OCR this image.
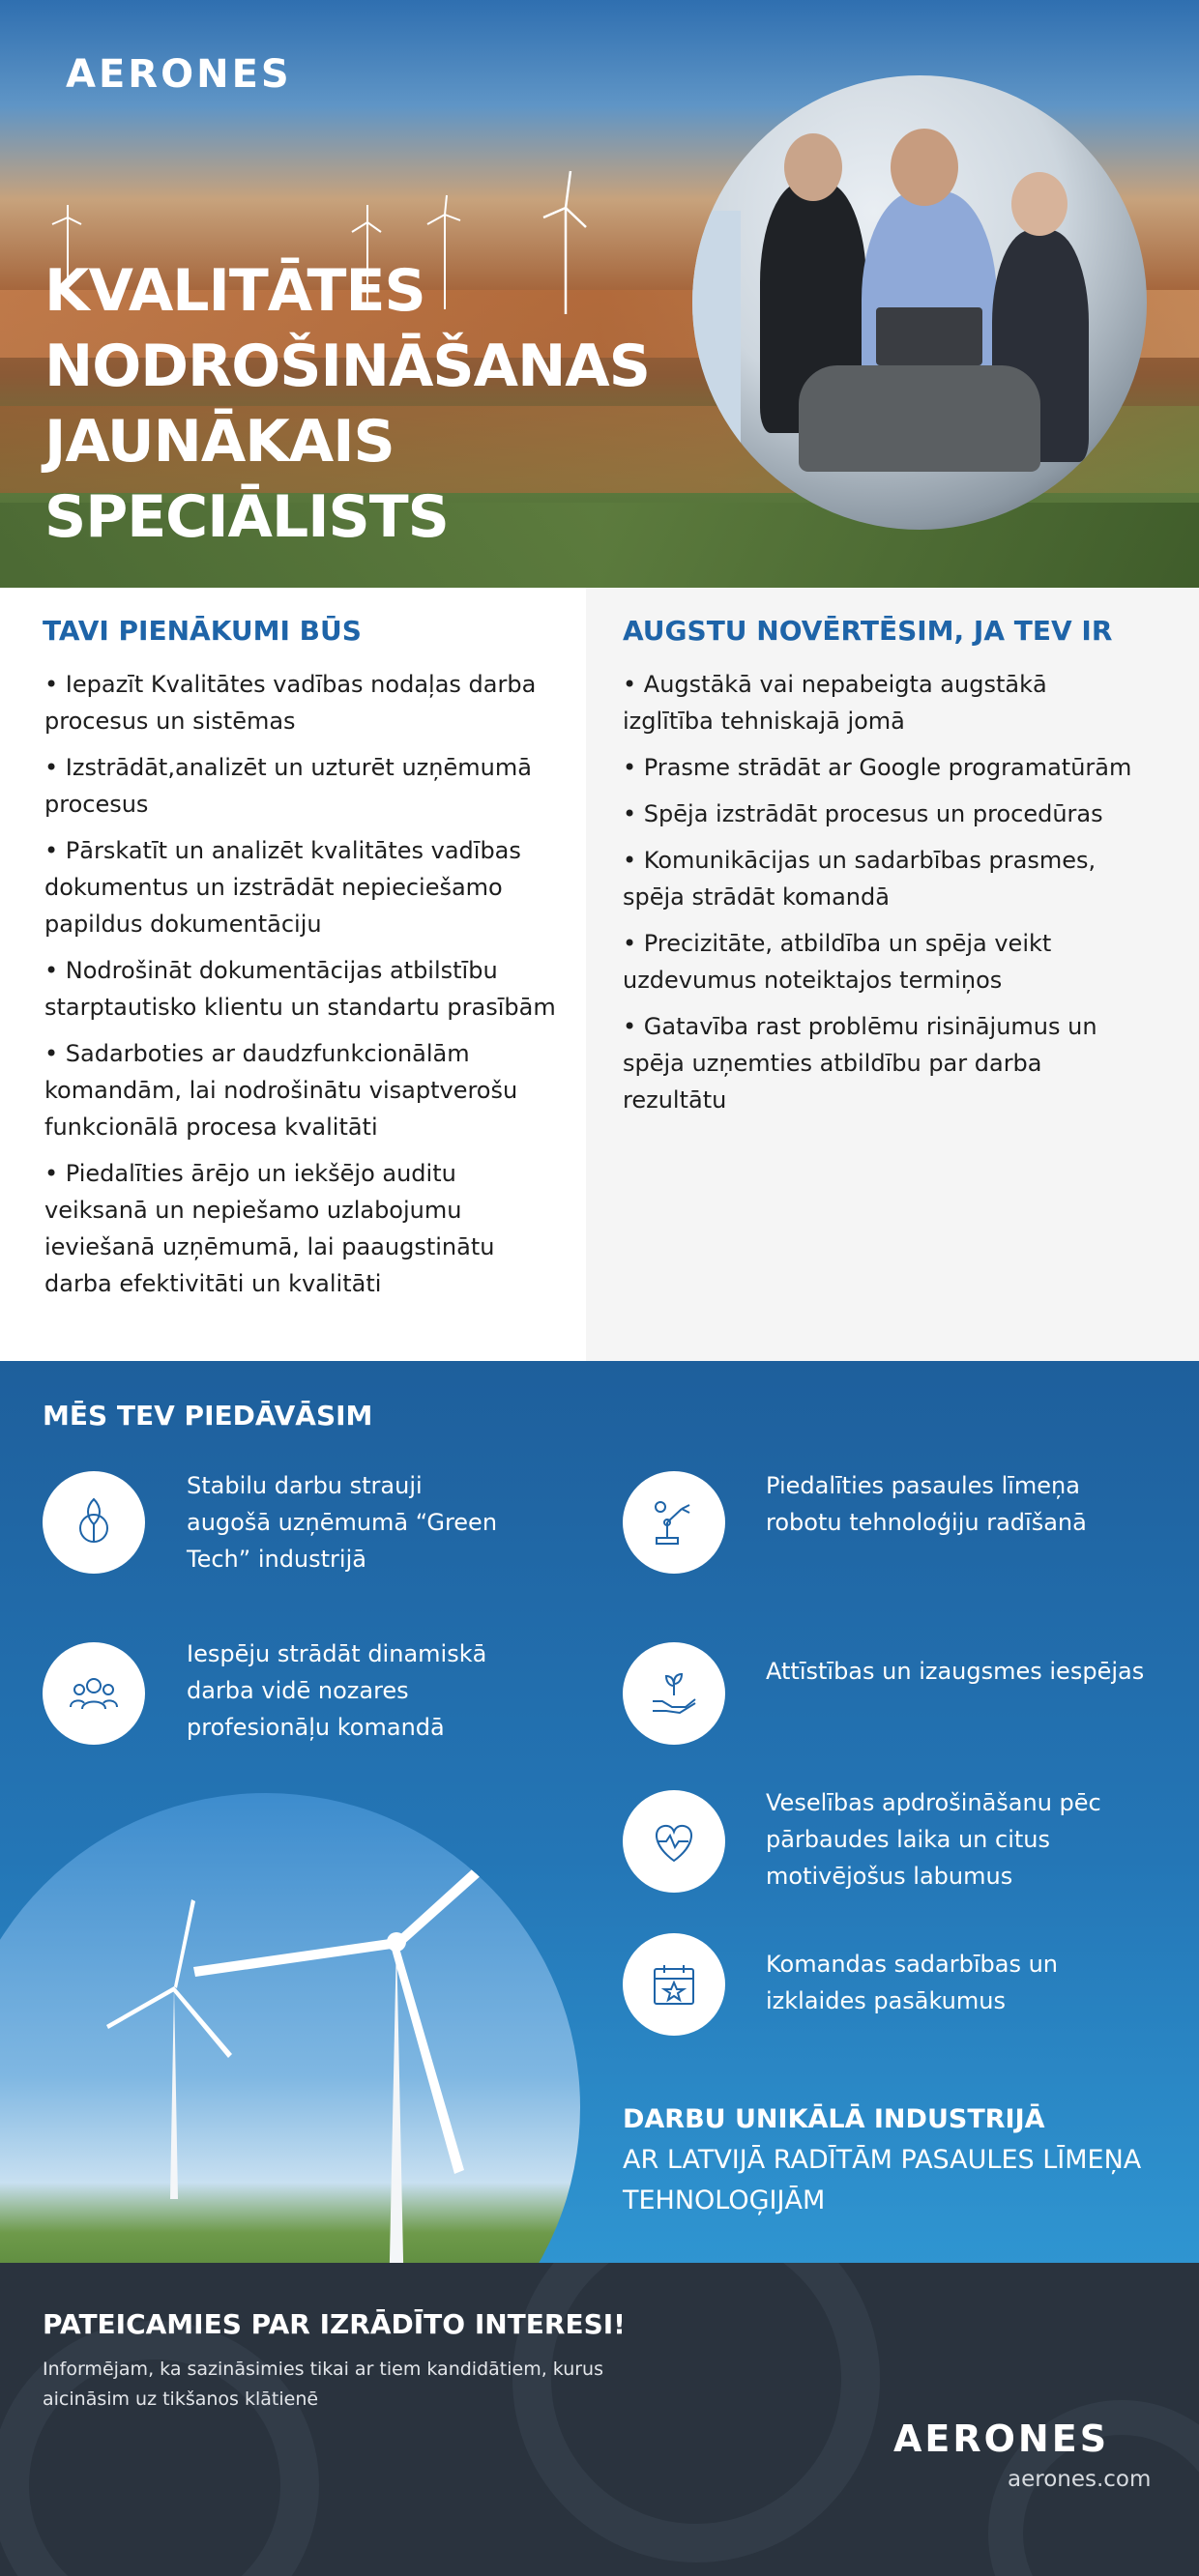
AERONES
KVALITĀTES NODROŠINĀŠANAS JAUNĀKAIS SPECIĀLISTS
TAVI PIENĀKUMI BŪS
• Iepazīt Kvalitātes vadības nodaļas darba procesus un sistēmas
• Izstrādāt,analizēt un uzturēt uzņēmumā procesus
• Pārskatīt un analizēt kvalitātes vadības dokumentus un izstrādāt nepieciešamo papildus dokumentāciju
• Nodrošināt dokumentācijas atbilstību starptautisko klientu un standartu prasībām
• Sadarboties ar daudzfunkcionālām komandām, lai nodrošinātu visaptverošu funkcionālā procesa kvalitāti
• Piedalīties ārējo un iekšējo auditu veiksanā un nepiešamo uzlabojumu ieviešanā uzņēmumā, lai paaugstinātu darba efektivitāti un kvalitāti
AUGSTU NOVĒRTĒSIM, JA TEV IR
• Augstākā vai nepabeigta augstākā izglītība tehniskajā jomā
• Prasme strādāt ar Google programatūrām
• Spēja izstrādāt procesus un procedūras
• Komunikācijas un sadarbības prasmes, spēja strādāt komandā
• Precizitāte, atbildība un spēja veikt uzdevumus noteiktajos termiņos
• Gatavība rast problēmu risinājumus un spēja uzņemties atbildību par darba rezultātu
MĒS TEV PIEDĀVĀSIM
Stabilu darbu strauji augošā uzņēmumā “Green Tech” industrijā
Piedalīties pasaules līmeņa robotu tehnoloģiju radīšanā
Iespēju strādāt dinamiskā darba vidē nozares profesionāļu komandā
Attīstības un izaugsmes iespējas
Veselības apdrošināšanu pēc pārbaudes laika un citus motivējošus labumus
Komandas sadarbības un izklaides pasākumus
DARBU UNIKĀLĀ INDUSTRIJĀ
AR LATVIJĀ RADĪTĀM PASAULES LĪMEŅA TEHNOLOĢIJĀM
AERONES
PATEICAMIES PAR IZRĀDĪTO INTERESI!
Informējam, ka sazināsimies tikai ar tiem kandidātiem, kurus aicināsim uz tikšanos klātienē
aerones.com
